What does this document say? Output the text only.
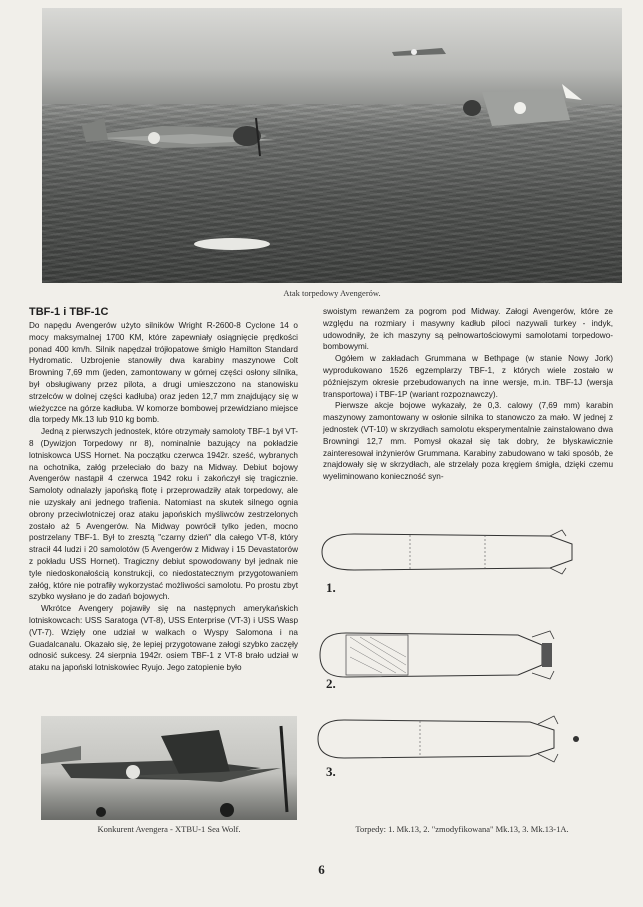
Atak torpedowy Avengerów.
TBF-1 i TBF-1C

Do napędu Avengerów użyto silników Wright R-2600-8 Cyclone 14 o mocy maksymalnej 1700 KM, które zapewniały osiągnięcie prędkości ponad 400 km/h. Silnik napędzał trójłopatowe śmigło Hamilton Standard Hydromatic. Uzbrojenie stanowiły dwa karabiny maszynowe Colt Browning 7,69 mm (jeden, zamontowany w górnej części osłony silnika, był obsługiwany przez pilota, a drugi umieszczono na stanowisku strzelców w dolnej części kadłuba) oraz jeden 12,7 mm znajdujący się w wieżyczce na górze kadłuba. W komorze bombowej przewidziano miejsce dla torpedy Mk.13 lub 910 kg bomb.

Jedną z pierwszych jednostek, które otrzymały samoloty TBF-1 był VT-8 (Dywizjon Torpedowy nr 8), nominalnie bazujący na pokładzie lotniskowca USS Hornet. Na początku czerwca 1942r. sześć, wybranych na ochotnika, załóg przeleciało do bazy na Midway. Debiut bojowy Avengerów nastąpił 4 czerwca 1942 roku i zakończył się tragicznie. Samoloty odnalazły japońską flotę i przeprowadziły atak torpedowy, ale nie uzyskały ani jednego trafienia. Natomiast na skutek silnego ognia obrony przeciwlotniczej oraz ataku japońskich myśliwców zestrzelonych zostało aż 5 Avengerów. Na Midway powrócił tylko jeden, mocno postrzelany TBF-1. Był to zresztą "czarny dzień" dla całego VT-8, który stracił 44 ludzi i 20 samolotów (5 Avengerów z Midway i 15 Devastatorów z pokładu USS Hornet). Tragiczny debiut spowodowany był jednak nie tyle niedoskonałością konstrukcji, co niedostatecznym przygotowaniem załóg, które nie potrafiły wykorzystać możliwości samolotu. Po prostu zbyt szybko wysłano je do zadań bojowych.

Wkrótce Avengery pojawiły się na następnych amerykańskich lotniskowcach: USS Saratoga (VT-8), USS Enterprise (VT-3) i USS Wasp (VT-7). Wzięły one udział w walkach o Wyspy Salomona i na Guadalcanalu. Okazało się, że lepiej przygotowane załogi szybko zaczęły odnosić sukcesy. 24 sierpnia 1942r. osiem TBF-1 z VT-8 brało udział w ataku na japoński lotniskowiec Ryujo. Jego zatopienie było

swoistym rewanżem za pogrom pod Midway. Załogi Avengerów, które ze względu na rozmiary i masywny kadłub piloci nazywali turkey - indyk, udowodniły, że ich maszyny są pełnowartościowymi samolotami torpedowo-bombowymi.

Ogółem w zakładach Grummana w Bethpage (w stanie Nowy Jork) wyprodukowano 1526 egzemplarzy TBF-1, z których wiele zostało w późniejszym okresie przebudowanych na inne wersje, m.in. TBF-1J (wersja transportowa) i TBF-1P (wariant rozpoznawczy).

Pierwsze akcje bojowe wykazały, że 0,3. calowy (7,69 mm) karabin maszynowy zamontowany w osłonie silnika to stanowczo za mało. W jednej z jednostek (VT-10) w skrzydłach samolotu eksperymentalnie zainstalowano dwa Browningi 12,7 mm. Pomysł okazał się tak dobry, że błyskawicznie zainteresował inżynierów Grummana. Karabiny zabudowano w taki sposób, że znajdowały się w skrzydłach, ale strzelały poza kręgiem śmigła, dzięki czemu wyeliminowano konieczność syn-

Konkurent Avengera - XTBU-1 Sea Wolf.
1.
2.
3.
Torpedy: 1. Mk.13, 2. "zmodyfikowana" Mk.13, 3. Mk.13-1A.
6
